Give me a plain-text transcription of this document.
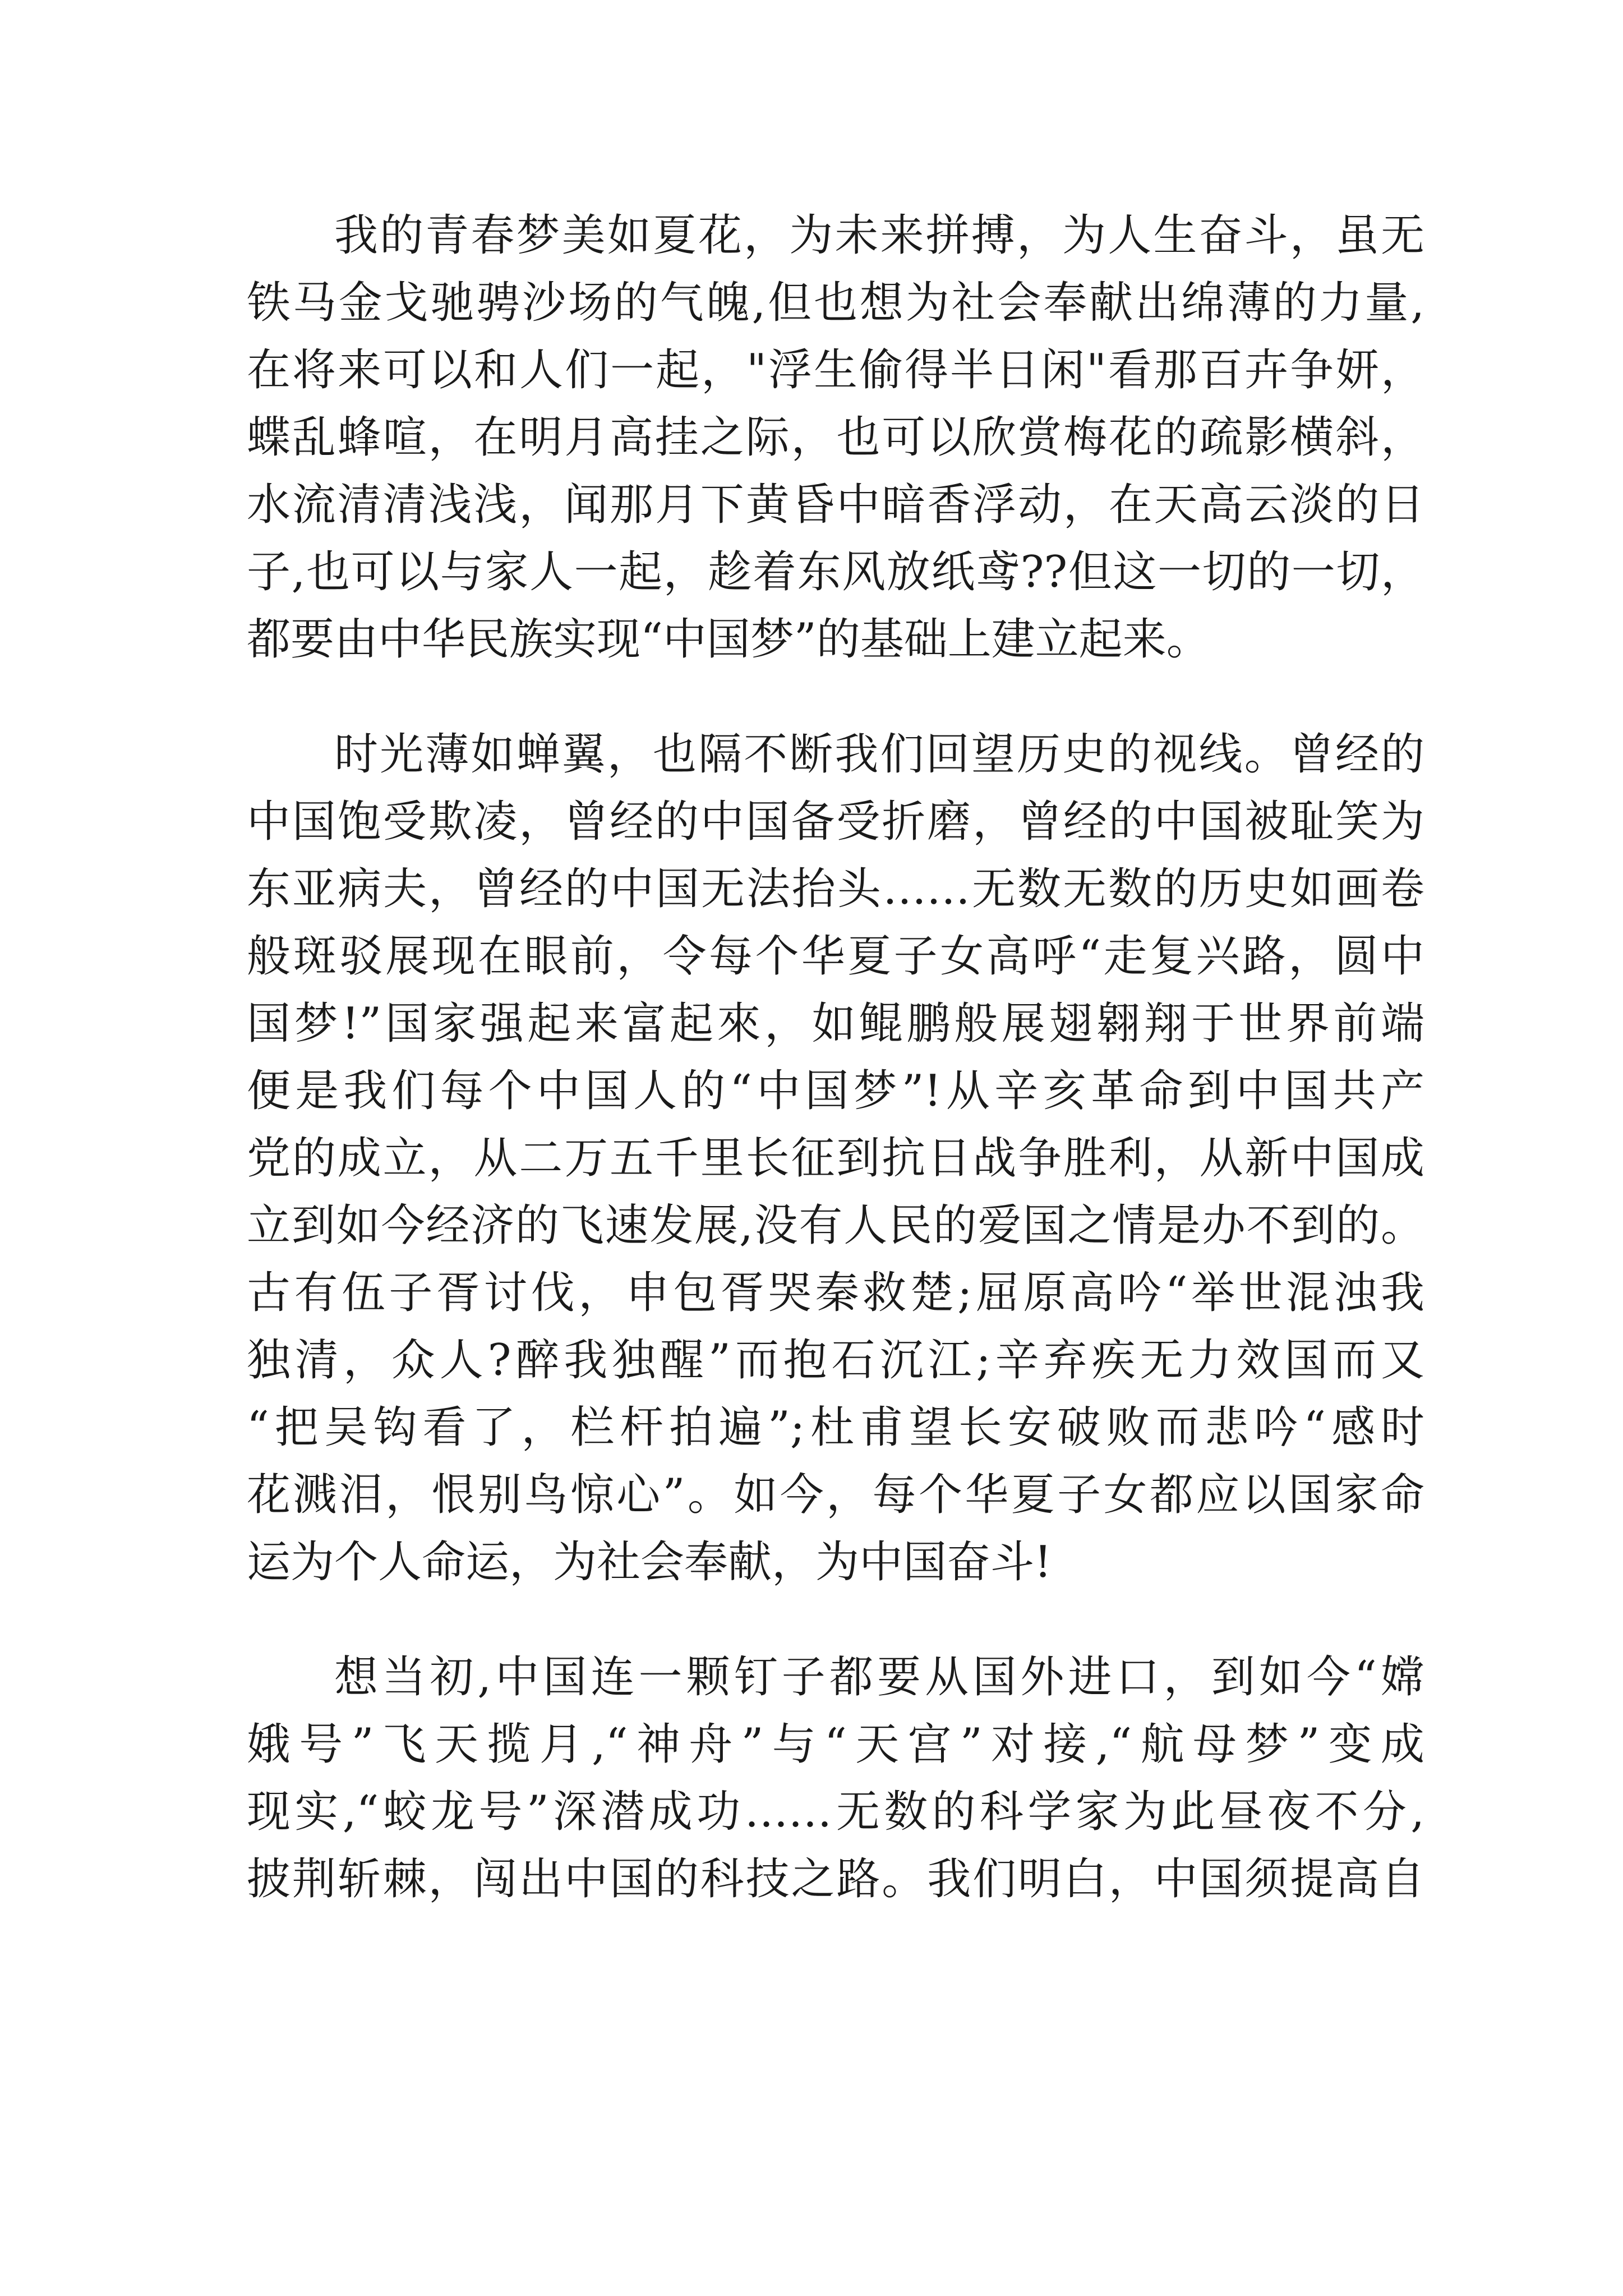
我的青春梦美如夏花，为未来拼搏，为人生奋斗，虽无
铁马金戈驰骋沙场的气魄,但也想为社会奉献出绵薄的力量,
在将来可以和人们一起，"浮生偷得半日闲"看那百卉争妍，
蝶乱蜂喧，在明月高挂之际，也可以欣赏梅花的疏影横斜，
水流清清浅浅，闻那月下黄昏中暗香浮动，在天高云淡的日
子,也可以与家人一起，趁着东风放纸鸢??但这一切的一切，
都要由中华民族实现“中国梦”的基础上建立起来。
时光薄如蝉翼，也隔不断我们回望历史的视线。曾经的
中国饱受欺凌，曾经的中国备受折磨，曾经的中国被耻笑为
东亚病夫，曾经的中国无法抬头……无数无数的历史如画卷
般斑驳展现在眼前，令每个华夏子女高呼“走复兴路，圆中
国梦!”国家强起来富起來，如鲲鹏般展翅翱翔于世界前端
便是我们每个中国人的“中国梦”!从辛亥革命到中国共产
党的成立，从二万五千里长征到抗日战争胜利，从新中国成
立到如今经济的飞速发展,没有人民的爱国之情是办不到的。
古有伍子胥讨伐，申包胥哭秦救楚;屈原高吟“举世混浊我
独清，众人?醉我独醒”而抱石沉江;辛弃疾无力效国而又
“把吴钩看了，栏杆拍遍”;杜甫望长安破败而悲吟“感时
花溅泪，恨别鸟惊心”。如今，每个华夏子女都应以国家命
运为个人命运，为社会奉献，为中国奋斗!
想当初,中国连一颗钉子都要从国外进口，到如今“嫦
娥号”飞天揽月,“神舟”与“天宫”对接,“航母梦”变成
现实,“蛟龙号”深潜成功……无数的科学家为此昼夜不分,
披荆斩棘，闯出中国的科技之路。我们明白，中国须提高自
